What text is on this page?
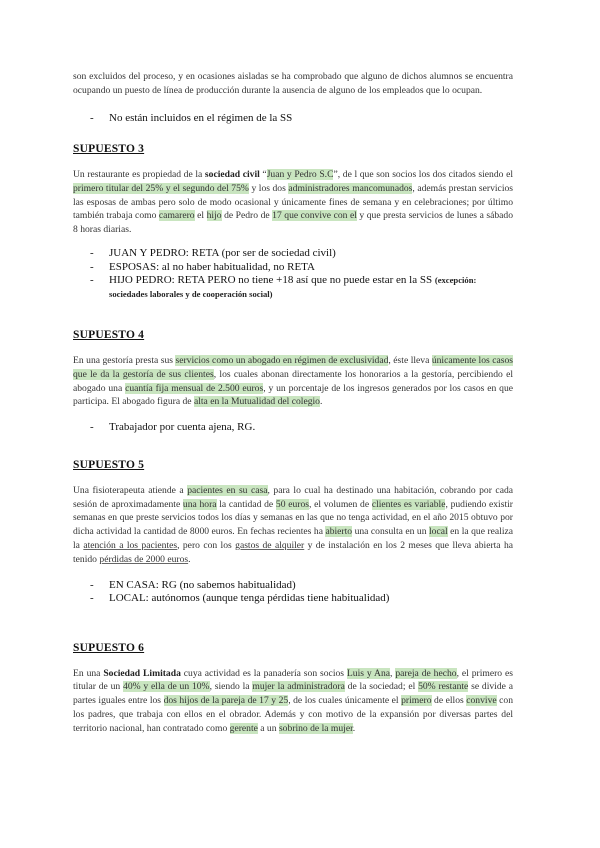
son excluidos del proceso, y en ocasiones aisladas se ha comprobado que alguno de dichos alumnos se encuentra ocupando un puesto de línea de producción durante la ausencia de alguno de los empleados que lo ocupan.

- No están incluidos en el régimen de la SS
SUPUESTO 3

Un restaurante es propiedad de la sociedad civil “Juan y Pedro S.C”, de l que son socios los dos citados siendo el primero titular del 25% y el segundo del 75% y los dos administradores mancomunados, además prestan servicios las esposas de ambas pero solo de modo ocasional y únicamente fines de semana y en celebraciones; por último también trabaja como camarero el hijo de Pedro de 17 que convive con el y que presta servicios de lunes a sábado 8 horas diarias.

- JUAN Y PEDRO: RETA (por ser de sociedad civil)
- ESPOSAS: al no haber habitualidad, no RETA
- HIJO PEDRO: RETA PERO no tiene +18 así que no puede estar en la SS (excepción: sociedades laborales y de cooperación social)
SUPUESTO 4

En una gestoría presta sus servicios como un abogado en régimen de exclusividad, éste lleva únicamente los casos que le da la gestoría de sus clientes, los cuales abonan directamente los honorarios a la gestoría, percibiendo el abogado una cuantía fija mensual de 2.500 euros, y un porcentaje de los ingresos generados por los casos en que participa. El abogado figura de alta en la Mutualidad del colegio.

- Trabajador por cuenta ajena, RG.
SUPUESTO 5

Una fisioterapeuta atiende a pacientes en su casa, para lo cual ha destinado una habitación, cobrando por cada sesión de aproximadamente una hora la cantidad de 50 euros, el volumen de clientes es variable, pudiendo existir semanas en que preste servicios todos los días y semanas en las que no tenga actividad, en el año 2015 obtuvo por dicha actividad la cantidad de 8000 euros. En fechas recientes ha abierto una consulta en un local en la que realiza la atención a los pacientes, pero con los gastos de alquiler y de instalación en los 2 meses que lleva abierta ha tenido pérdidas de 2000 euros.

- EN CASA: RG (no sabemos habitualidad)
- LOCAL: autónomos (aunque tenga pérdidas tiene habitualidad)
SUPUESTO 6

En una Sociedad Limitada cuya actividad es la panadería son socios Luis y Ana, pareja de hecho, el primero es titular de un 40% y ella de un 10%, siendo la mujer la administradora de la sociedad; el 50% restante se divide a partes iguales entre los dos hijos de la pareja de 17 y 25, de los cuales únicamente el primero de ellos convive con los padres, que trabaja con ellos en el obrador. Además y con motivo de la expansión por diversas partes del territorio nacional, han contratado como gerente a un sobrino de la mujer.
